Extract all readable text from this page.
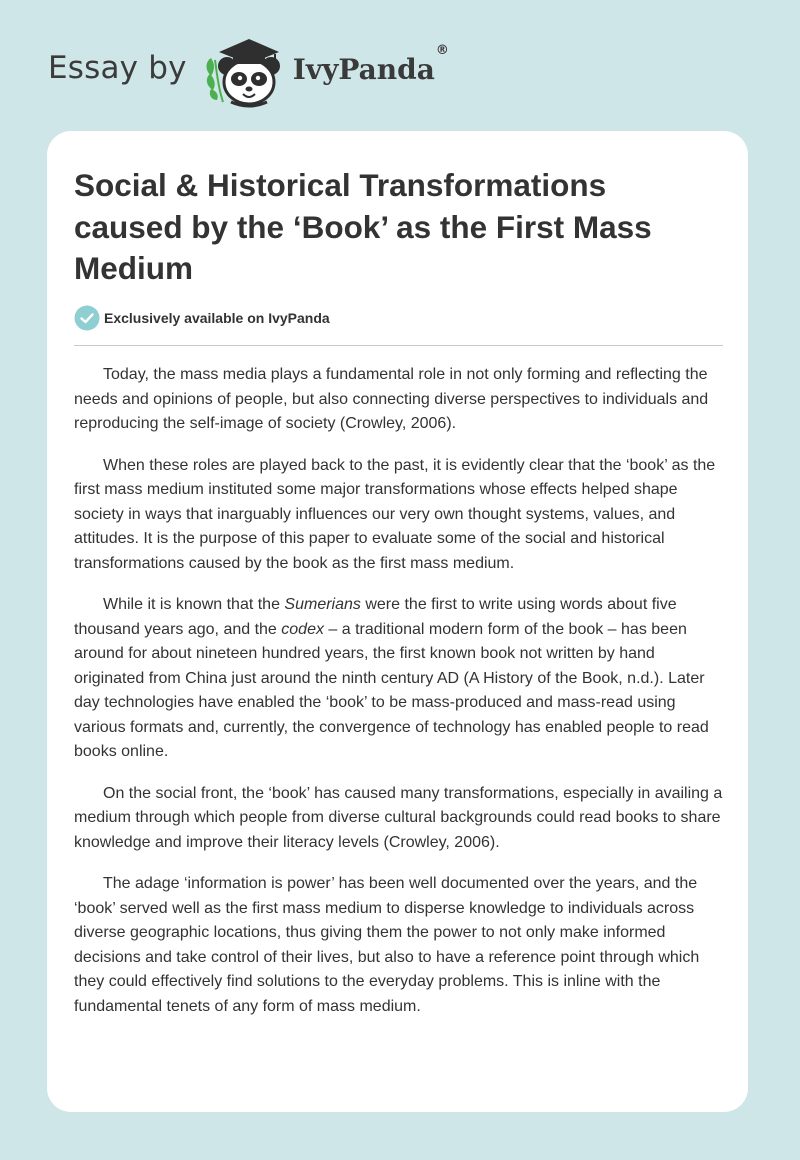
Essay by	IvyPanda®
Social & Historical Transformations caused by the ‘Book’ as the First Mass Medium
Exclusively available on IvyPanda

Today, the mass media plays a fundamental role in not only forming and reflecting the needs and opinions of people, but also connecting diverse perspectives to individuals and reproducing the self-image of society (Crowley, 2006).

When these roles are played back to the past, it is evidently clear that the ‘book’ as the first mass medium instituted some major transformations whose effects helped shape society in ways that inarguably influences our very own thought systems, values, and attitudes. It is the purpose of this paper to evaluate some of the social and historical transformations caused by the book as the first mass medium.

While it is known that the Sumerians were the first to write using words about five thousand years ago, and the codex – a traditional modern form of the book – has been around for about nineteen hundred years, the first known book not written by hand originated from China just around the ninth century AD (A History of the Book, n.d.). Later day technologies have enabled the ‘book’ to be mass-produced and mass-read using various formats and, currently, the convergence of technology has enabled people to read books online.

On the social front, the ‘book’ has caused many transformations, especially in availing a medium through which people from diverse cultural backgrounds could read books to share knowledge and improve their literacy levels (Crowley, 2006).

The adage ‘information is power’ has been well documented over the years, and the ‘book’ served well as the first mass medium to disperse knowledge to individuals across diverse geographic locations, thus giving them the power to not only make informed decisions and take control of their lives, but also to have a reference point through which they could effectively find solutions to the everyday problems. This is inline with the fundamental tenets of any form of mass medium.
